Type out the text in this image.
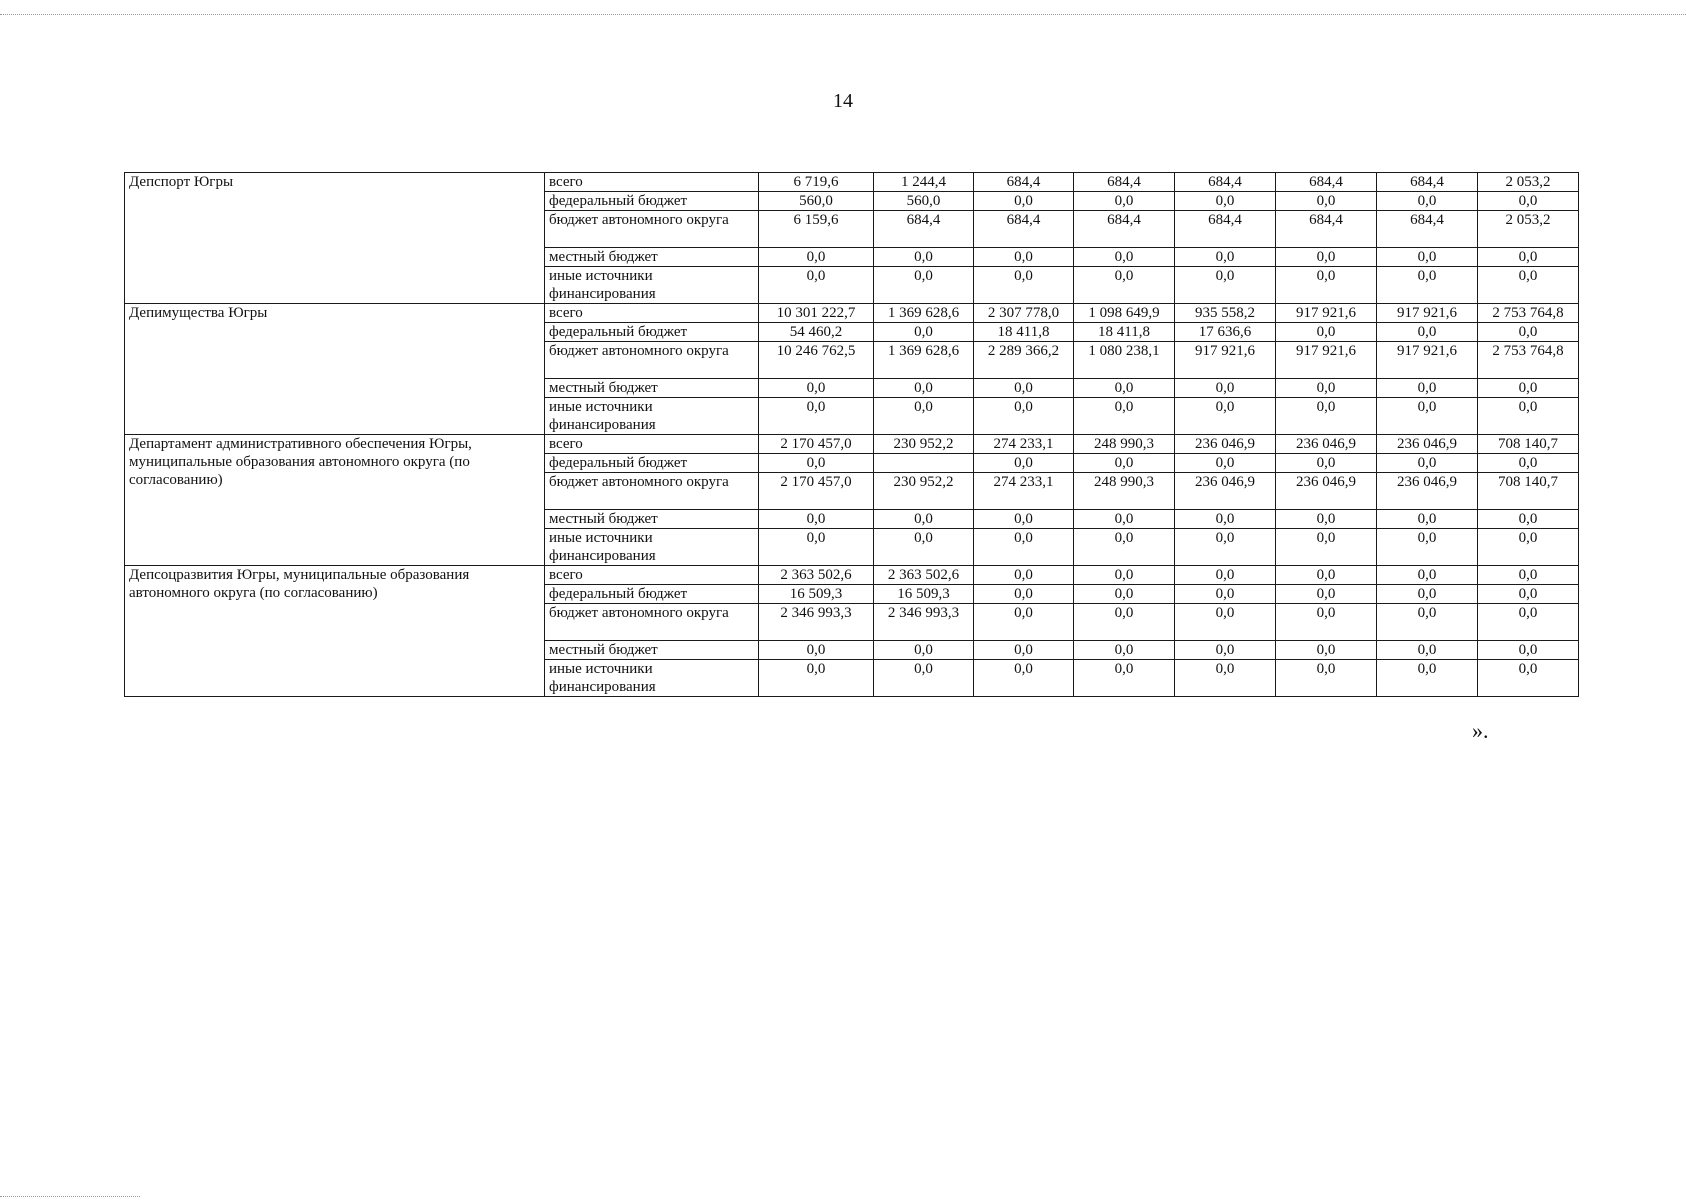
14
Депспорт Югры	всего	6 719,6	1 244,4	684,4	684,4	684,4	684,4	684,4	2 053,2
	федеральный бюджет	560,0	560,0	0,0	0,0	0,0	0,0	0,0	0,0
	бюджет автономного округа	6 159,6	684,4	684,4	684,4	684,4	684,4	684,4	2 053,2
	местный бюджет	0,0	0,0	0,0	0,0	0,0	0,0	0,0	0,0
	иные источники финансирования	0,0	0,0	0,0	0,0	0,0	0,0	0,0	0,0
Депимущества Югры	всего	10 301 222,7	1 369 628,6	2 307 778,0	1 098 649,9	935 558,2	917 921,6	917 921,6	2 753 764,8
	федеральный бюджет	54 460,2	0,0	18 411,8	18 411,8	17 636,6	0,0	0,0	0,0
	бюджет автономного округа	10 246 762,5	1 369 628,6	2 289 366,2	1 080 238,1	917 921,6	917 921,6	917 921,6	2 753 764,8
	местный бюджет	0,0	0,0	0,0	0,0	0,0	0,0	0,0	0,0
	иные источники финансирования	0,0	0,0	0,0	0,0	0,0	0,0	0,0	0,0
Департамент административного обеспечения Югры, муниципальные образования автономного округа (по согласованию)	всего	2 170 457,0	230 952,2	274 233,1	248 990,3	236 046,9	236 046,9	236 046,9	708 140,7
	федеральный бюджет	0,0		0,0	0,0	0,0	0,0	0,0	0,0
	бюджет автономного округа	2 170 457,0	230 952,2	274 233,1	248 990,3	236 046,9	236 046,9	236 046,9	708 140,7
	местный бюджет	0,0	0,0	0,0	0,0	0,0	0,0	0,0	0,0
	иные источники финансирования	0,0	0,0	0,0	0,0	0,0	0,0	0,0	0,0
Депсоцразвития Югры, муниципальные образования автономного округа (по согласованию)	всего	2 363 502,6	2 363 502,6	0,0	0,0	0,0	0,0	0,0	0,0
	федеральный бюджет	16 509,3	16 509,3	0,0	0,0	0,0	0,0	0,0	0,0
	бюджет автономного округа	2 346 993,3	2 346 993,3	0,0	0,0	0,0	0,0	0,0	0,0
	местный бюджет	0,0	0,0	0,0	0,0	0,0	0,0	0,0	0,0
	иные источники финансирования	0,0	0,0	0,0	0,0	0,0	0,0	0,0	0,0
».
